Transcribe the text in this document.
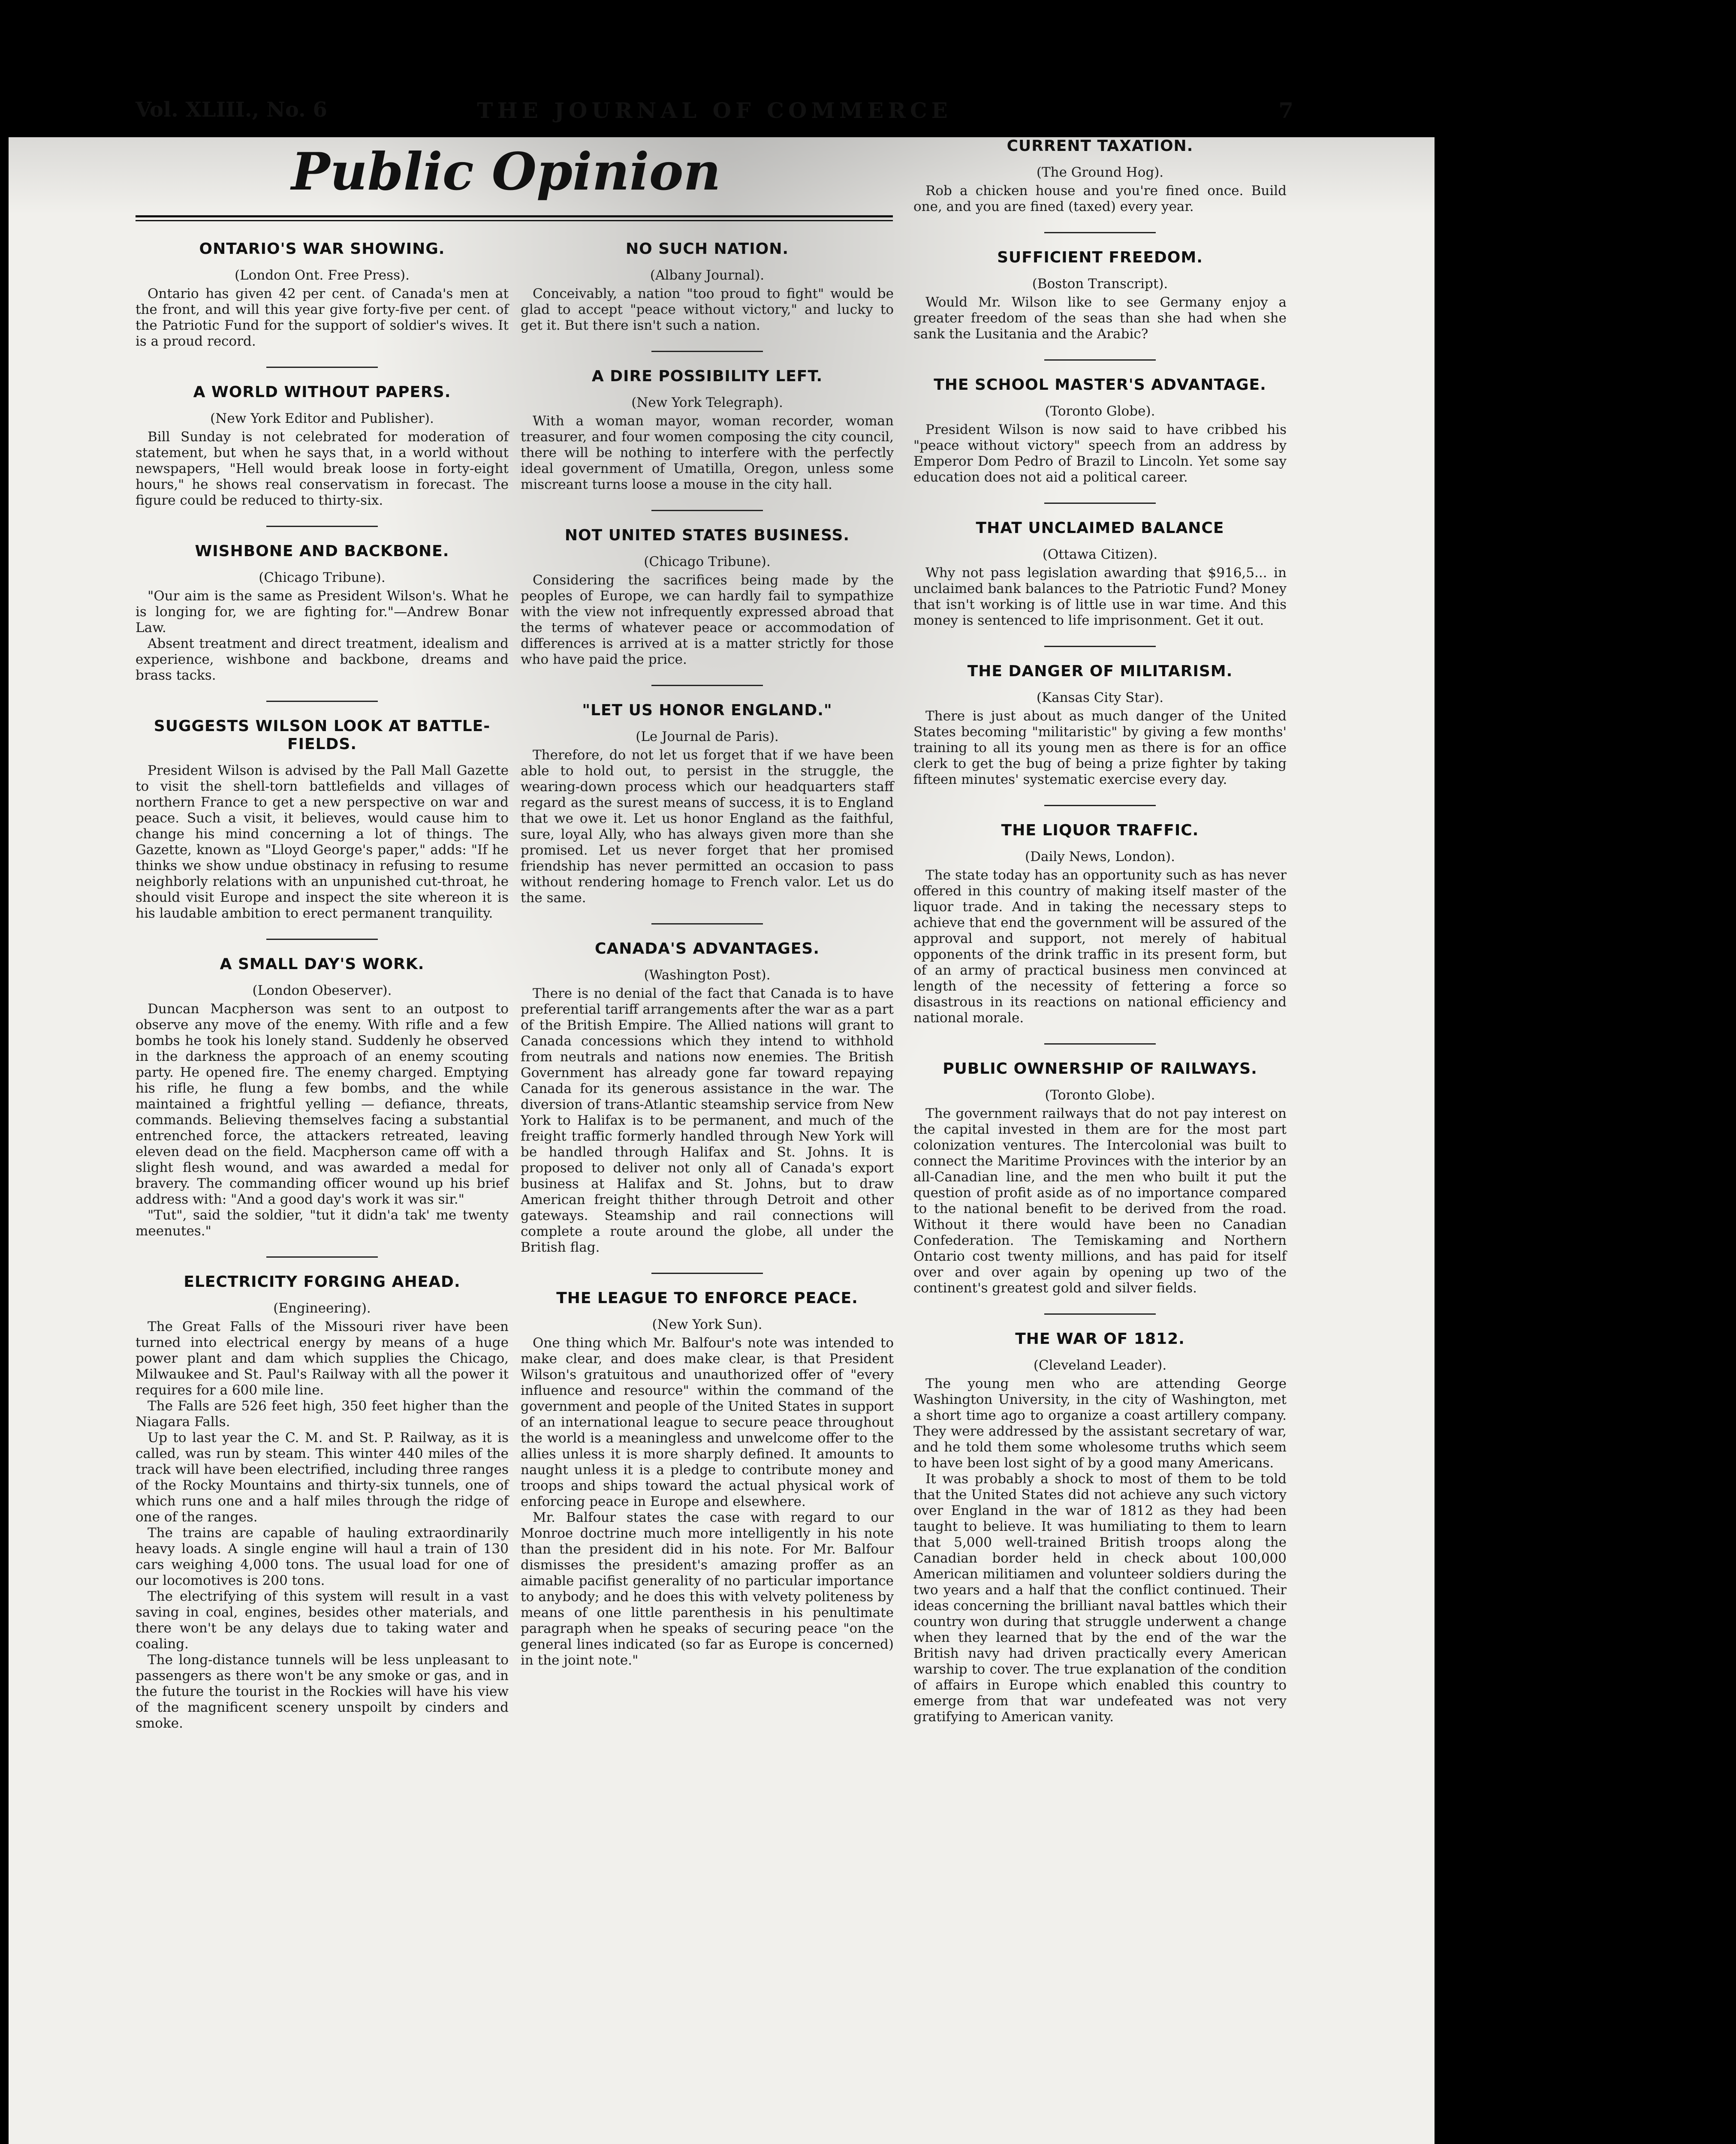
Vol. XLIII., No. 6	THE JOURNAL OF COMMERCE	7
Public Opinion
ONTARIO'S WAR SHOWING.
(London Ont. Free Press).

Ontario has given 42 per cent. of Canada's men at the front, and will this year give forty-five per cent. of the Patriotic Fund for the support of soldier's wives. It is a proud record.

A WORLD WITHOUT PAPERS.
(New York Editor and Publisher).

Bill Sunday is not celebrated for moderation of statement, but when he says that, in a world without newspapers, "Hell would break loose in forty-eight hours," he shows real conservatism in forecast. The figure could be reduced to thirty-six.

WISHBONE AND BACKBONE.
(Chicago Tribune).

"Our aim is the same as President Wilson's. What he is longing for, we are fighting for."—Andrew Bonar Law.

Absent treatment and direct treatment, idealism and experience, wishbone and backbone, dreams and brass tacks.

SUGGESTS WILSON LOOK AT BATTLE-FIELDS.

President Wilson is advised by the Pall Mall Gazette to visit the shell-torn battlefields and villages of northern France to get a new perspective on war and peace. Such a visit, it believes, would cause him to change his mind concerning a lot of things. The Gazette, known as "Lloyd George's paper," adds: "If he thinks we show undue obstinacy in refusing to resume neighborly relations with an unpunished cut-throat, he should visit Europe and inspect the site whereon it is his laudable ambition to erect permanent tranquility.

A SMALL DAY'S WORK.
(London Obeserver).

Duncan Macpherson was sent to an outpost to observe any move of the enemy. With rifle and a few bombs he took his lonely stand. Suddenly he observed in the darkness the approach of an enemy scouting party. He opened fire. The enemy charged. Emptying his rifle, he flung a few bombs, and the while maintained a frightful yelling — defiance, threats, commands. Believing themselves facing a substantial entrenched force, the attackers retreated, leaving eleven dead on the field. Macpherson came off with a slight flesh wound, and was awarded a medal for bravery. The commanding officer wound up his brief address with: "And a good day's work it was sir."

"Tut", said the soldier, "tut it didn'a tak' me twenty meenutes."

ELECTRICITY FORGING AHEAD.
(Engineering).

The Great Falls of the Missouri river have been turned into electrical energy by means of a huge power plant and dam which supplies the Chicago, Milwaukee and St. Paul's Railway with all the power it requires for a 600 mile line.

The Falls are 526 feet high, 350 feet higher than the Niagara Falls.

Up to last year the C. M. and St. P. Railway, as it is called, was run by steam. This winter 440 miles of the track will have been electrified, including three ranges of the Rocky Mountains and thirty-six tunnels, one of which runs one and a half miles through the ridge of one of the ranges.

The trains are capable of hauling extraordinarily heavy loads. A single engine will haul a train of 130 cars weighing 4,000 tons. The usual load for one of our locomotives is 200 tons.

The electrifying of this system will result in a vast saving in coal, engines, besides other materials, and there won't be any delays due to taking water and coaling.

The long-distance tunnels will be less unpleasant to passengers as there won't be any smoke or gas, and in the future the tourist in the Rockies will have his view of the magnificent scenery unspoilt by cinders and smoke.

NO SUCH NATION.
(Albany Journal).

Conceivably, a nation "too proud to fight" would be glad to accept "peace without victory," and lucky to get it. But there isn't such a nation.

A DIRE POSSIBILITY LEFT.
(New York Telegraph).

With a woman mayor, woman recorder, woman treasurer, and four women composing the city council, there will be nothing to interfere with the perfectly ideal government of Umatilla, Oregon, unless some miscreant turns loose a mouse in the city hall.

NOT UNITED STATES BUSINESS.
(Chicago Tribune).

Considering the sacrifices being made by the peoples of Europe, we can hardly fail to sympathize with the view not infrequently expressed abroad that the terms of whatever peace or accommodation of differences is arrived at is a matter strictly for those who have paid the price.

"LET US HONOR ENGLAND."
(Le Journal de Paris).

Therefore, do not let us forget that if we have been able to hold out, to persist in the struggle, the wearing-down process which our headquarters staff regard as the surest means of success, it is to England that we owe it. Let us honor England as the faithful, sure, loyal Ally, who has always given more than she promised. Let us never forget that her promised friendship has never permitted an occasion to pass without rendering homage to French valor. Let us do the same.

CANADA'S ADVANTAGES.
(Washington Post).

There is no denial of the fact that Canada is to have preferential tariff arrangements after the war as a part of the British Empire. The Allied nations will grant to Canada concessions which they intend to withhold from neutrals and nations now enemies. The British Government has already gone far toward repaying Canada for its generous assistance in the war. The diversion of trans-Atlantic steamship service from New York to Halifax is to be permanent, and much of the freight traffic formerly handled through New York will be handled through Halifax and St. Johns. It is proposed to deliver not only all of Canada's export business at Halifax and St. Johns, but to draw American freight thither through Detroit and other gateways. Steamship and rail connections will complete a route around the globe, all under the British flag.

THE LEAGUE TO ENFORCE PEACE.
(New York Sun).

One thing which Mr. Balfour's note was intended to make clear, and does make clear, is that President Wilson's gratuitous and unauthorized offer of "every influence and resource" within the command of the government and people of the United States in support of an international league to secure peace throughout the world is a meaningless and unwelcome offer to the allies unless it is more sharply defined. It amounts to naught unless it is a pledge to contribute money and troops and ships toward the actual physical work of enforcing peace in Europe and elsewhere.

Mr. Balfour states the case with regard to our Monroe doctrine much more intelligently in his note than the president did in his note. For Mr. Balfour dismisses the president's amazing proffer as an aimable pacifist generality of no particular importance to anybody; and he does this with velvety politeness by means of one little parenthesis in his penultimate paragraph when he speaks of securing peace "on the general lines indicated (so far as Europe is concerned) in the joint note."

CURRENT TAXATION.
(The Ground Hog).

Rob a chicken house and you're fined once. Build one, and you are fined (taxed) every year.

SUFFICIENT FREEDOM.
(Boston Transcript).

Would Mr. Wilson like to see Germany enjoy a greater freedom of the seas than she had when she sank the Lusitania and the Arabic?

THE SCHOOL MASTER'S ADVANTAGE.
(Toronto Globe).

President Wilson is now said to have cribbed his "peace without victory" speech from an address by Emperor Dom Pedro of Brazil to Lincoln. Yet some say education does not aid a political career.

THAT UNCLAIMED BALANCE
(Ottawa Citizen).

Why not pass legislation awarding that $916,5... in unclaimed bank balances to the Patriotic Fund? Money that isn't working is of little use in war time. And this money is sentenced to life imprisonment. Get it out.

THE DANGER OF MILITARISM.
(Kansas City Star).

There is just about as much danger of the United States becoming "militaristic" by giving a few months' training to all its young men as there is for an office clerk to get the bug of being a prize fighter by taking fifteen minutes' systematic exercise every day.

THE LIQUOR TRAFFIC.
(Daily News, London).

The state today has an opportunity such as has never offered in this country of making itself master of the liquor trade. And in taking the necessary steps to achieve that end the government will be assured of the approval and support, not merely of habitual opponents of the drink traffic in its present form, but of an army of practical business men convinced at length of the necessity of fettering a force so disastrous in its reactions on national efficiency and national morale.

PUBLIC OWNERSHIP OF RAILWAYS.
(Toronto Globe).

The government railways that do not pay interest on the capital invested in them are for the most part colonization ventures. The Intercolonial was built to connect the Maritime Provinces with the interior by an all-Canadian line, and the men who built it put the question of profit aside as of no importance compared to the national benefit to be derived from the road. Without it there would have been no Canadian Confederation. The Temiskaming and Northern Ontario cost twenty millions, and has paid for itself over and over again by opening up two of the continent's greatest gold and silver fields.

THE WAR OF 1812.
(Cleveland Leader).

The young men who are attending George Washington University, in the city of Washington, met a short time ago to organize a coast artillery company. They were addressed by the assistant secretary of war, and he told them some wholesome truths which seem to have been lost sight of by a good many Americans.

It was probably a shock to most of them to be told that the United States did not achieve any such victory over England in the war of 1812 as they had been taught to believe. It was humiliating to them to learn that 5,000 well-trained British troops along the Canadian border held in check about 100,000 American militiamen and volunteer soldiers during the two years and a half that the conflict continued. Their ideas concerning the brilliant naval battles which their country won during that struggle underwent a change when they learned that by the end of the war the British navy had driven practically every American warship to cover. The true explanation of the condition of affairs in Europe which enabled this country to emerge from that war undefeated was not very gratifying to American vanity.
